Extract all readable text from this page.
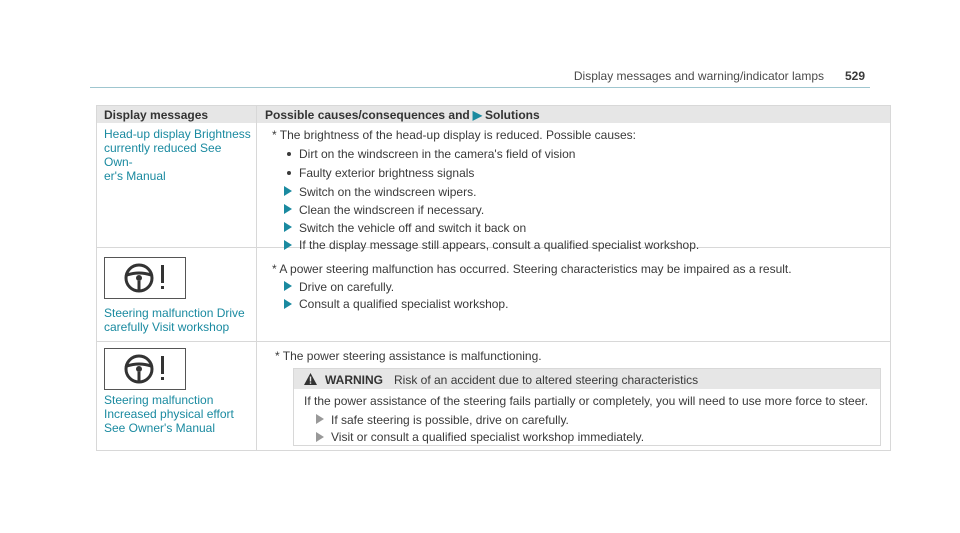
Display messages and warning/indicator lamps 529
Display messages	Possible causes/consequences and ▶ Solutions
Head-up display Brightness
currently reduced See Own-
er's Manual
* The brightness of the head-up display is reduced. Possible causes:
Dirt on the windscreen in the camera's field of vision
Faulty exterior brightness signals
Switch on the windscreen wipers.
Clean the windscreen if necessary.
Switch the vehicle off and switch it back on
If the display message still appears, consult a qualified specialist workshop.
Steering malfunction Drive
carefully Visit workshop
* A power steering malfunction has occurred. Steering characteristics may be impaired as a result.
Drive on carefully.
Consult a qualified specialist workshop.
Steering malfunction
Increased physical effort
See Owner's Manual
* The power steering assistance is malfunctioning.
WARNING Risk of an accident due to altered steering characteristics
If the power assistance of the steering fails partially or completely, you will need to use more force to steer.
If safe steering is possible, drive on carefully.
Visit or consult a qualified specialist workshop immediately.
